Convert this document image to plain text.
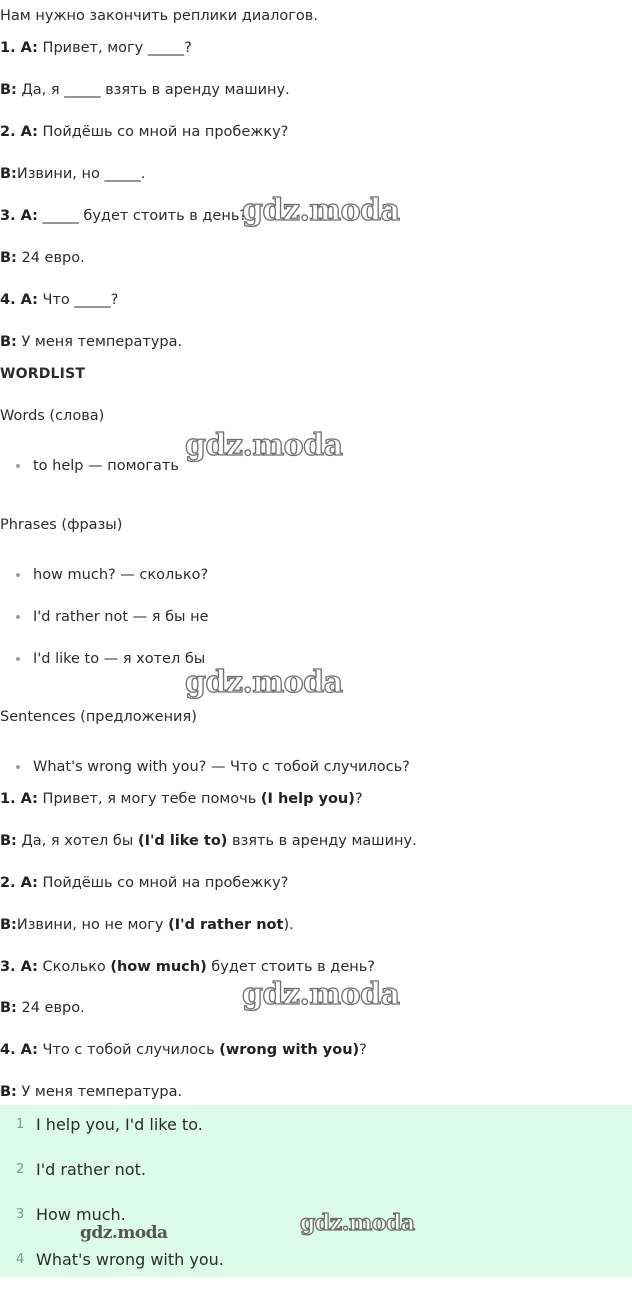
Нам нужно закончить реплики диалогов.
1. A: Привет, могу _____?
B: Да, я _____ взять в аренду машину.
2. A: Пойдёшь со мной на пробежку?
B:Извини, но _____.
3. A: _____ будет стоить в день?
B: 24 евро.
4. A: Что _____?
B: У меня температура.
WORDLIST
Words (слова)
to help — помогать
Phrases (фразы)
how much? — сколько?
I'd rather not — я бы не
I'd like to — я хотел бы
Sentences (предложения)
What's wrong with you? — Что с тобой случилось?
1. A: Привет, я могу тебе помочь (I help you)?
B: Да, я хотел бы (I'd like to) взять в аренду машину.
2. A: Пойдёшь со мной на пробежку?
B:Извини, но не могу (I'd rather not).
3. A: Сколько (how much) будет стоить в день?
B: 24 евро.
4. A: Что с тобой случилось (wrong with you)?
B: У меня температура.
1 I help you, I'd like to.
2 I'd rather not.
3 How much.
4 What's wrong with you.
gdz.moda
gdz.moda
gdz.moda
gdz.moda
gdz.moda
gdz.moda
